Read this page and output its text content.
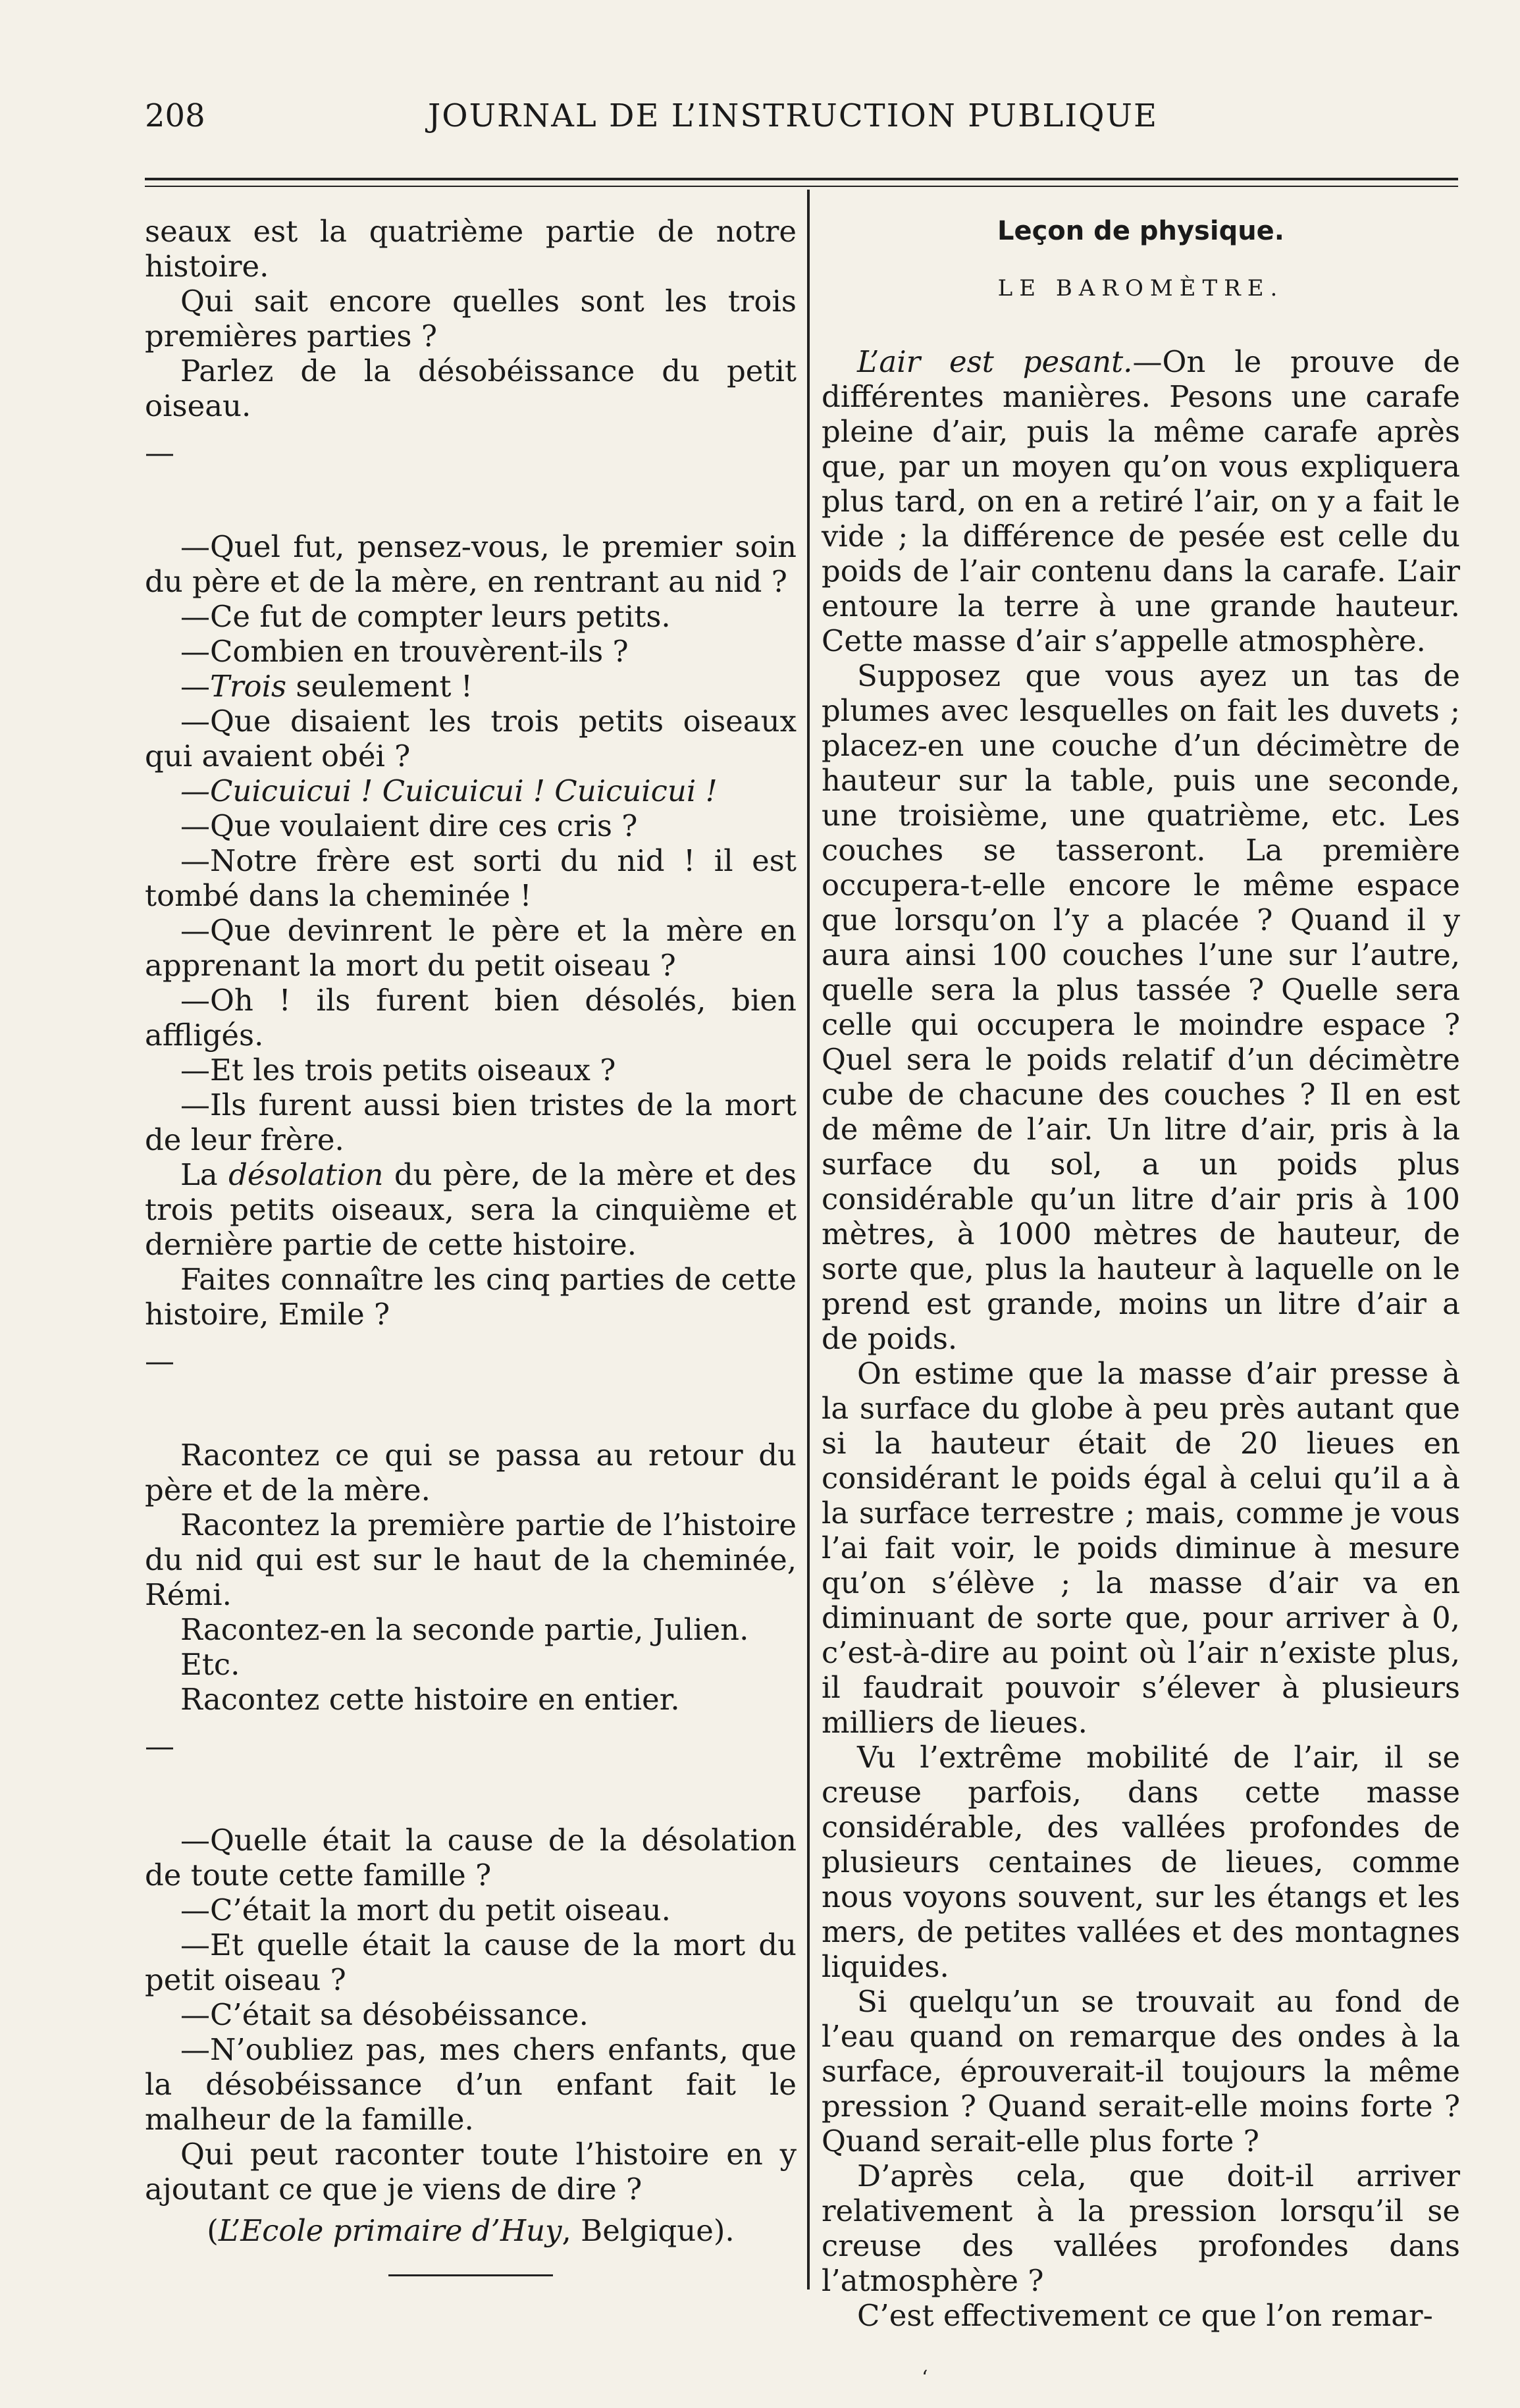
208	JOURNAL DE L’INSTRUCTION PUBLIQUE

seaux est la quatrième partie de notre histoire.

Qui sait encore quelles sont les trois premières parties ?

Parlez de la désobéissance du petit oiseau.

—

—Quel fut, pensez-vous, le premier soin du père et de la mère, en rentrant au nid ?

—Ce fut de compter leurs petits.

—Combien en trouvèrent-ils ?

—Trois seulement !

—Que disaient les trois petits oiseaux qui avaient obéi ?

—Cuicuicui ! Cuicuicui ! Cuicuicui !

—Que voulaient dire ces cris ?

—Notre frère est sorti du nid ! il est tombé dans la cheminée !

—Que devinrent le père et la mère en apprenant la mort du petit oiseau ?

—Oh ! ils furent bien désolés, bien affligés.

—Et les trois petits oiseaux ?

—Ils furent aussi bien tristes de la mort de leur frère.

La désolation du père, de la mère et des trois petits oiseaux, sera la cinquième et dernière partie de cette histoire.

Faites connaître les cinq parties de cette histoire, Emile ?

—

Racontez ce qui se passa au retour du père et de la mère.

Racontez la première partie de l’histoire du nid qui est sur le haut de la cheminée, Rémi.

Racontez-en la seconde partie, Julien.

Etc.

Racontez cette histoire en entier.

—

—Quelle était la cause de la désolation de toute cette famille ?

—C’était la mort du petit oiseau.

—Et quelle était la cause de la mort du petit oiseau ?

—C’était sa désobéissance.

—N’oubliez pas, mes chers enfants, que la désobéissance d’un enfant fait le malheur de la famille.

Qui peut raconter toute l’histoire en y ajoutant ce que je viens de dire ?

(L’Ecole primaire d’Huy, Belgique).

Leçon de physique.

LE BAROMÈTRE.

L’air est pesant.—On le prouve de différentes manières. Pesons une carafe pleine d’air, puis la même carafe après que, par un moyen qu’on vous expliquera plus tard, on en a retiré l’air, on y a fait le vide ; la différence de pesée est celle du poids de l’air contenu dans la carafe. L’air entoure la terre à une grande hauteur. Cette masse d’air s’appelle atmosphère.

Supposez que vous ayez un tas de plumes avec lesquelles on fait les duvets ; placez-en une couche d’un décimètre de hauteur sur la table, puis une seconde, une troisième, une quatrième, etc. Les couches se tasseront. La première occupera-t-elle encore le même espace que lorsqu’on l’y a placée ? Quand il y aura ainsi 100 couches l’une sur l’autre, quelle sera la plus tassée ? Quelle sera celle qui occupera le moindre espace ? Quel sera le poids relatif d’un décimètre cube de chacune des couches ? Il en est de même de l’air. Un litre d’air, pris à la surface du sol, a un poids plus considérable qu’un litre d’air pris à 100 mètres, à 1000 mètres de hauteur, de sorte que, plus la hauteur à laquelle on le prend est grande, moins un litre d’air a de poids.

On estime que la masse d’air presse à la surface du globe à peu près autant que si la hauteur était de 20 lieues en considérant le poids égal à celui qu’il a à la surface terrestre ; mais, comme je vous l’ai fait voir, le poids diminue à mesure qu’on s’élève ; la masse d’air va en diminuant de sorte que, pour arriver à 0, c’est-à-dire au point où l’air n’existe plus, il faudrait pouvoir s’élever à plusieurs milliers de lieues.

Vu l’extrême mobilité de l’air, il se creuse parfois, dans cette masse considérable, des vallées profondes de plusieurs centaines de lieues, comme nous voyons souvent, sur les étangs et les mers, de petites vallées et des montagnes liquides.

Si quelqu’un se trouvait au fond de l’eau quand on remarque des ondes à la surface, éprouverait-il toujours la même pression ? Quand serait-elle moins forte ? Quand serait-elle plus forte ?

D’après cela, que doit-il arriver relativement à la pression lorsqu’il se creuse des vallées profondes dans l’atmosphère ?

C’est effectivement ce que l’on remar-

‘
